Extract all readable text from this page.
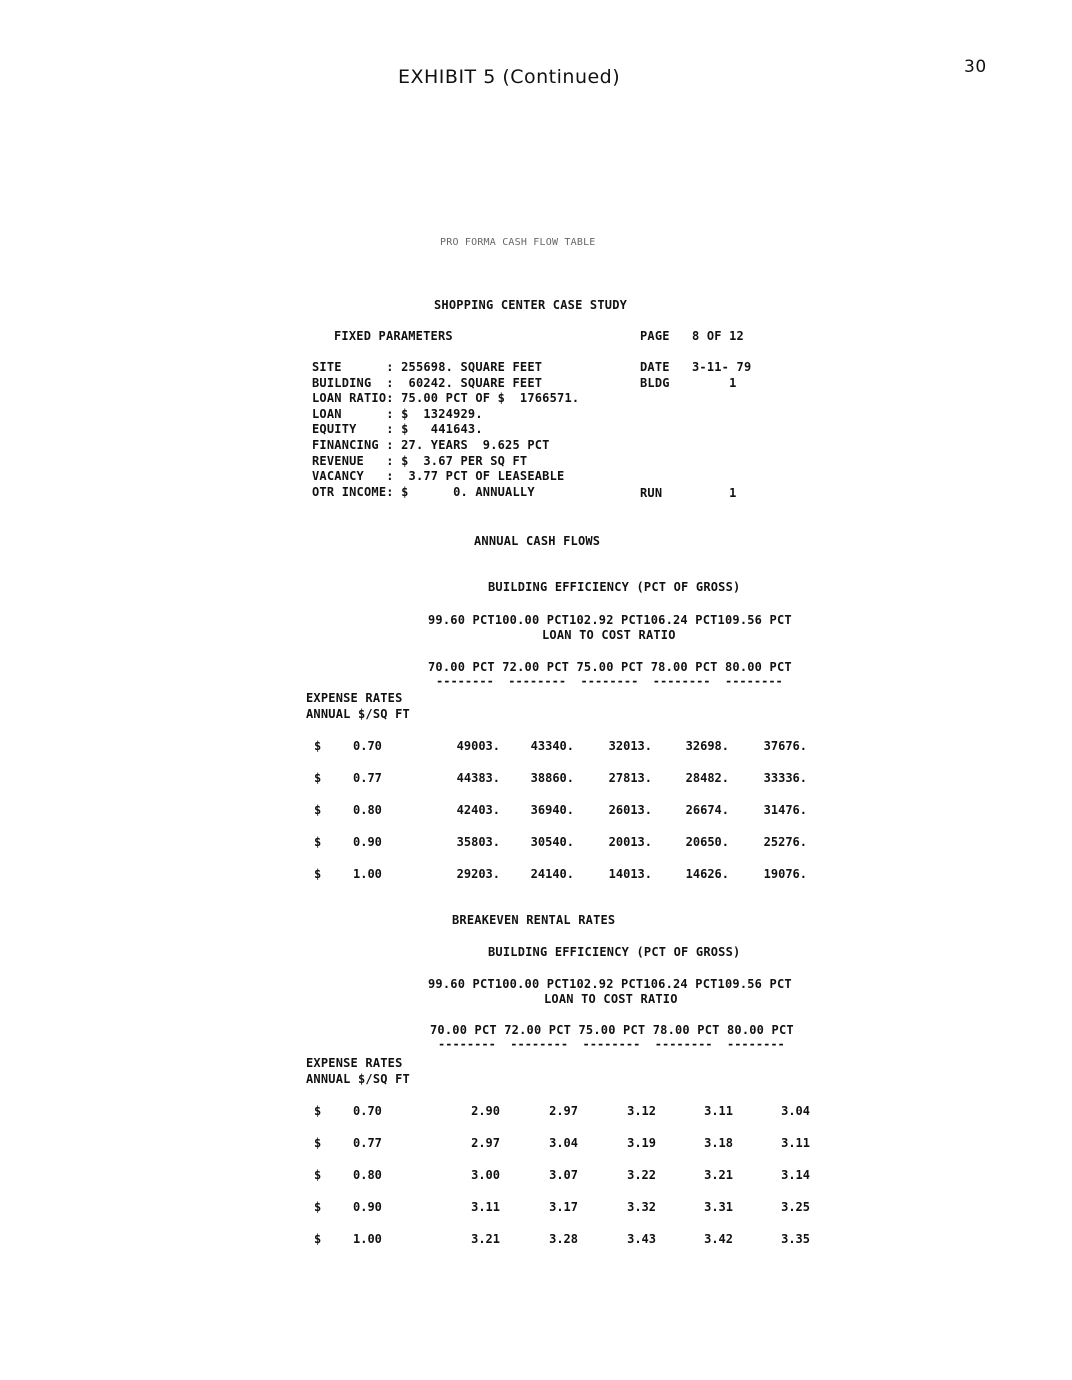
EXHIBIT 5 (Continued)	30
PRO FORMA CASH FLOW TABLE
SHOPPING CENTER CASE STUDY
FIXED PARAMETERS	PAGE   8 OF 12
SITE      : 255698. SQUARE FEET
BUILDING  :  60242. SQUARE FEET
LOAN RATIO: 75.00 PCT OF $  1766571.
LOAN      : $  1324929.
EQUITY    : $   441643.
FINANCING : 27. YEARS  9.625 PCT
REVENUE   : $  3.67 PER SQ FT
VACANCY   :  3.77 PCT OF LEASEABLE
OTR INCOME: $      0. ANNUALLY
DATE   3-11- 79
BLDG        1
RUN         1
ANNUAL CASH FLOWS
BUILDING EFFICIENCY (PCT OF GROSS)
99.60 PCT100.00 PCT102.92 PCT106.24 PCT109.56 PCT
LOAN TO COST RATIO
70.00 PCT 72.00 PCT 75.00 PCT 78.00 PCT 80.00 PCT
--------  --------  --------  --------  --------
EXPENSE RATES
ANNUAL $/SQ FT
$	0.70	49003.	43340.	32013.	32698.	37676.
$	0.77	44383.	38860.	27813.	28482.	33336.
$	0.80	42403.	36940.	26013.	26674.	31476.
$	0.90	35803.	30540.	20013.	20650.	25276.
$	1.00	29203.	24140.	14013.	14626.	19076.
BREAKEVEN RENTAL RATES
BUILDING EFFICIENCY (PCT OF GROSS)
99.60 PCT100.00 PCT102.92 PCT106.24 PCT109.56 PCT
LOAN TO COST RATIO
70.00 PCT 72.00 PCT 75.00 PCT 78.00 PCT 80.00 PCT
--------  --------  --------  --------  --------
EXPENSE RATES
ANNUAL $/SQ FT
$	0.70	2.90	2.97	3.12	3.11	3.04
$	0.77	2.97	3.04	3.19	3.18	3.11
$	0.80	3.00	3.07	3.22	3.21	3.14
$	0.90	3.11	3.17	3.32	3.31	3.25
$	1.00	3.21	3.28	3.43	3.42	3.35
